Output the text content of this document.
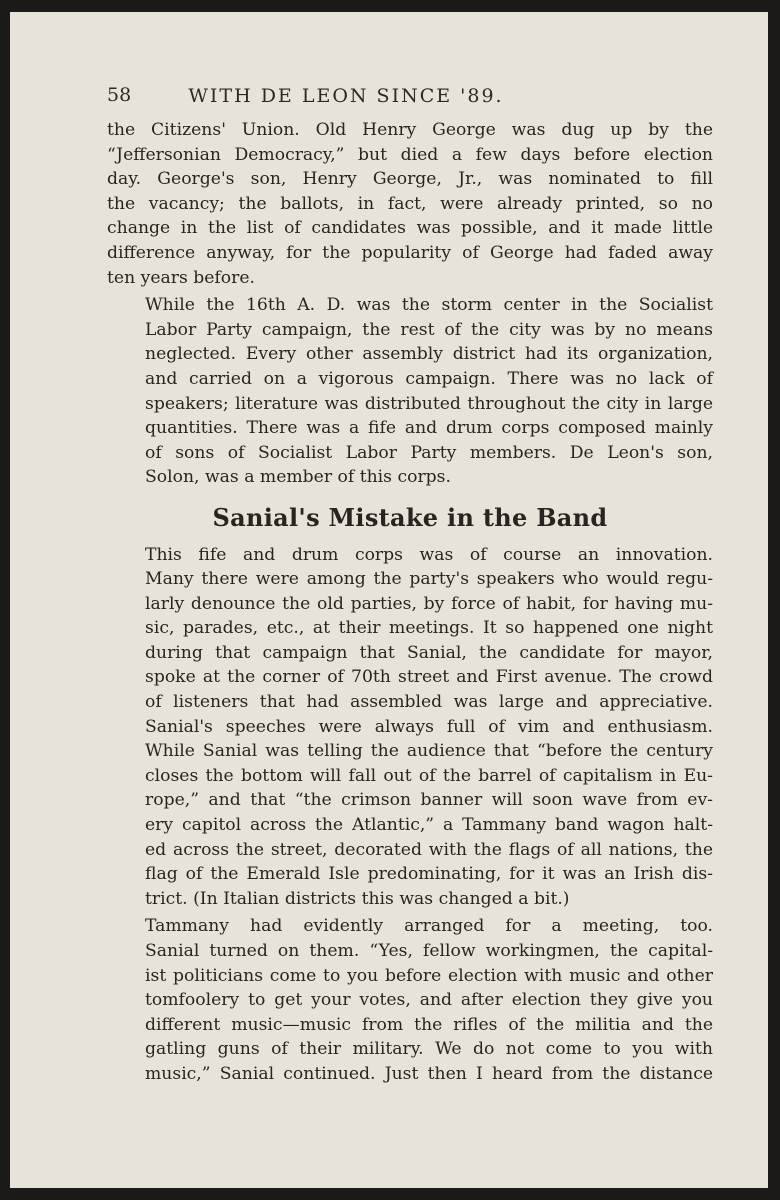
58	WITH DE LEON SINCE '89.

the Citizens' Union. Old Henry George was dug up by the
“Jeffersonian Democracy,” but died a few days before election
day. George's son, Henry George, Jr., was nominated to fill
the vacancy; the ballots, in fact, were already printed, so no
change in the list of candidates was possible, and it made little
difference anyway, for the popularity of George had faded away
ten years before.

While the 16th A. D. was the storm center in the Socialist
Labor Party campaign, the rest of the city was by no means
neglected. Every other assembly district had its organization,
and carried on a vigorous campaign. There was no lack of
speakers; literature was distributed throughout the city in large
quantities. There was a fife and drum corps composed mainly
of sons of Socialist Labor Party members. De Leon's son,
Solon, was a member of this corps.

Sanial's Mistake in the Band

This fife and drum corps was of course an innovation.
Many there were among the party's speakers who would regu-
larly denounce the old parties, by force of habit, for having mu-
sic, parades, etc., at their meetings. It so happened one night
during that campaign that Sanial, the candidate for mayor,
spoke at the corner of 70th street and First avenue. The crowd
of listeners that had assembled was large and appreciative.
Sanial's speeches were always full of vim and enthusiasm.
While Sanial was telling the audience that “before the century
closes the bottom will fall out of the barrel of capitalism in Eu-
rope,” and that “the crimson banner will soon wave from ev-
ery capitol across the Atlantic,” a Tammany band wagon halt-
ed across the street, decorated with the flags of all nations, the
flag of the Emerald Isle predominating, for it was an Irish dis-
trict. (In Italian districts this was changed a bit.)

Tammany had evidently arranged for a meeting, too.
Sanial turned on them. “Yes, fellow workingmen, the capital-
ist politicians come to you before election with music and other
tomfoolery to get your votes, and after election they give you
different music—music from the rifles of the militia and the
gatling guns of their military. We do not come to you with
music,” Sanial continued. Just then I heard from the distance
